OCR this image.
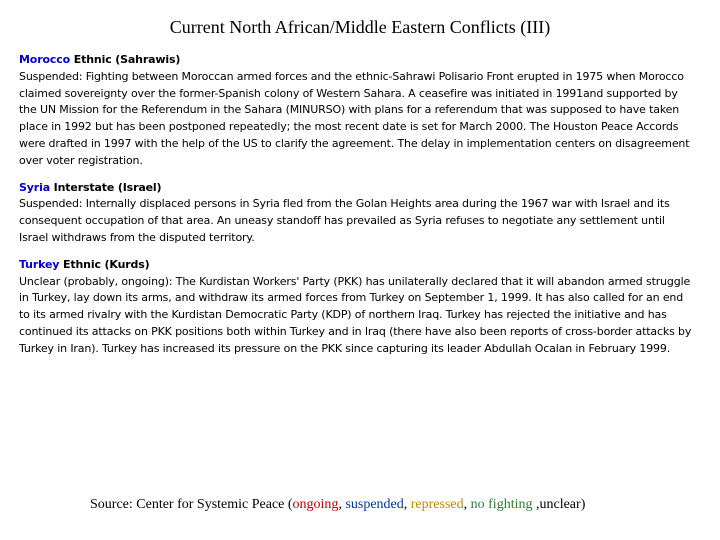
Current North African/Middle Eastern Conflicts (III)
Morocco Ethnic (Sahrawis)

Suspended: Fighting between Moroccan armed forces and the ethnic-Sahrawi Polisario Front erupted in 1975 when Morocco claimed sovereignty over the former-Spanish colony of Western Sahara. A ceasefire was initiated in 1991and supported by the UN Mission for the Referendum in the Sahara (MINURSO) with plans for a referendum that was supposed to have taken place in 1992 but has been postponed repeatedly; the most recent date is set for March 2000. The Houston Peace Accords were drafted in 1997 with the help of the US to clarify the agreement. The delay in implementation centers on disagreement over voter registration.

Syria Interstate (Israel)

Suspended: Internally displaced persons in Syria fled from the Golan Heights area during the 1967 war with Israel and its consequent occupation of that area. An uneasy standoff has prevailed as Syria refuses to negotiate any settlement until Israel withdraws from the disputed territory.

Turkey Ethnic (Kurds)

Unclear (probably, ongoing): The Kurdistan Workers' Party (PKK) has unilaterally declared that it will abandon armed struggle in Turkey, lay down its arms, and withdraw its armed forces from Turkey on September 1, 1999. It has also called for an end to its armed rivalry with the Kurdistan Democratic Party (KDP) of northern Iraq. Turkey has rejected the initiative and has continued its attacks on PKK positions both within Turkey and in Iraq (there have also been reports of cross-border attacks by Turkey in Iran). Turkey has increased its pressure on the PKK since capturing its leader Abdullah Ocalan in February 1999.

Source: Center for Systemic Peace (ongoing, suspended, repressed, no fighting ,unclear)
